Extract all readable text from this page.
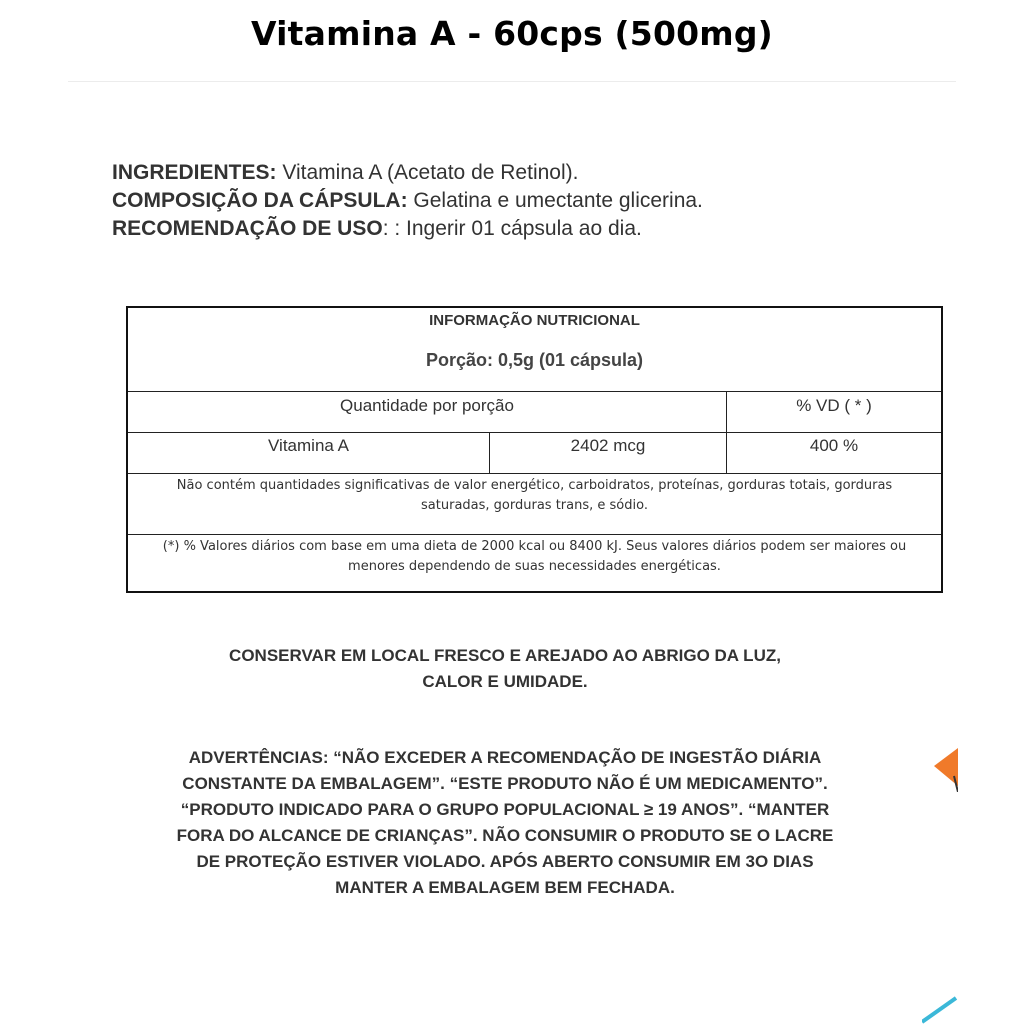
Vitamina A - 60cps (500mg)
INGREDIENTES: Vitamina A (Acetato de Retinol).
COMPOSIÇÃO DA CÁPSULA: Gelatina e umectante glicerina.
RECOMENDAÇÃO DE USO: : Ingerir 01 cápsula ao dia.
INFORMAÇÃO NUTRICIONAL
Porção: 0,5g (01 cápsula)
Quantidade por porção	% VD ( * )
Vitamina A	2402 mcg	400 %
Não contém quantidades significativas de valor energético, carboidratos, proteínas, gorduras totais, gorduras
saturadas, gorduras trans, e sódio.
(*) % Valores diários com base em uma dieta de 2000 kcal ou 8400 kJ. Seus valores diários podem ser maiores ou
menores dependendo de suas necessidades energéticas.
CONSERVAR EM LOCAL FRESCO E AREJADO AO ABRIGO DA LUZ,
CALOR E UMIDADE.
ADVERTÊNCIAS: “NÃO EXCEDER A RECOMENDAÇÃO DE INGESTÃO DIÁRIA
CONSTANTE DA EMBALAGEM”. “ESTE PRODUTO NÃO É UM MEDICAMENTO”.
“PRODUTO INDICADO PARA O GRUPO POPULACIONAL ≥ 19 ANOS”. “MANTER
FORA DO ALCANCE DE CRIANÇAS”. NÃO CONSUMIR O PRODUTO SE O LACRE
DE PROTEÇÃO ESTIVER VIOLADO. APÓS ABERTO CONSUMIR EM 3O DIAS
MANTER A EMBALAGEM BEM FECHADA.
